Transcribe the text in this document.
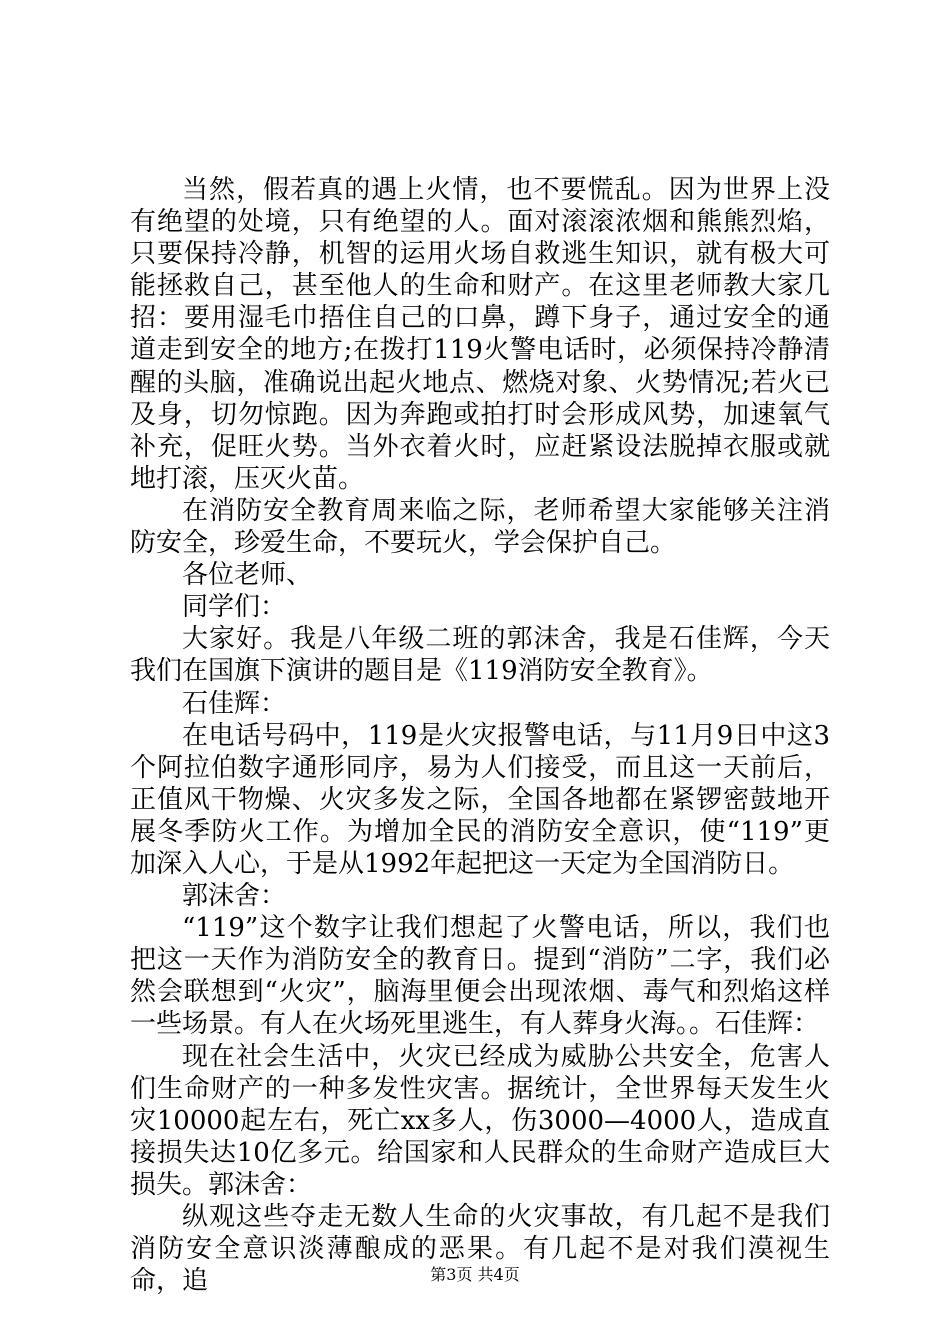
当然，假若真的遇上火情，也不要慌乱。因为世界上没有绝望的处境，只有绝望的人。面对滚滚浓烟和熊熊烈焰，只要保持冷静，机智的运用火场自救逃生知识，就有极大可能拯救自己，甚至他人的生命和财产。在这里老师教大家几招：要用湿毛巾捂住自己的口鼻，蹲下身子，通过安全的通道走到安全的地方;在拨打119火警电话时，必须保持冷静清醒的头脑，准确说出起火地点、燃烧对象、火势情况;若火已及身，切勿惊跑。因为奔跑或拍打时会形成风势，加速氧气补充，促旺火势。当外衣着火时，应赶紧设法脱掉衣服或就地打滚，压灭火苗。

在消防安全教育周来临之际，老师希望大家能够关注消防安全，珍爱生命，不要玩火，学会保护自己。

各位老师、

同学们：

大家好。我是八年级二班的郭沫舍，我是石佳辉，今天我们在国旗下演讲的题目是《119消防安全教育》。

石佳辉：

在电话号码中，119是火灾报警电话，与11月9日中这3个阿拉伯数字通形同序，易为人们接受，而且这一天前后，正值风干物燥、火灾多发之际，全国各地都在紧锣密鼓地开展冬季防火工作。为增加全民的消防安全意识，使“119”更加深入人心，于是从1992年起把这一天定为全国消防日。

郭沫舍：

“119”这个数字让我们想起了火警电话，所以，我们也把这一天作为消防安全的教育日。提到“消防”二字，我们必然会联想到“火灾”，脑海里便会出现浓烟、毒气和烈焰这样一些场景。有人在火场死里逃生，有人葬身火海。。石佳辉：

现在社会生活中，火灾已经成为威胁公共安全，危害人们生命财产的一种多发性灾害。据统计，全世界每天发生火灾10000起左右，死亡xx多人，伤3000—4000人，造成直接损失达10亿多元。给国家和人民群众的生命财产造成巨大损失。郭沫舍：

纵观这些夺走无数人生命的火灾事故，有几起不是我们消防安全意识淡薄酿成的恶果。有几起不是对我们漠视生命，追	第3页 共4页
